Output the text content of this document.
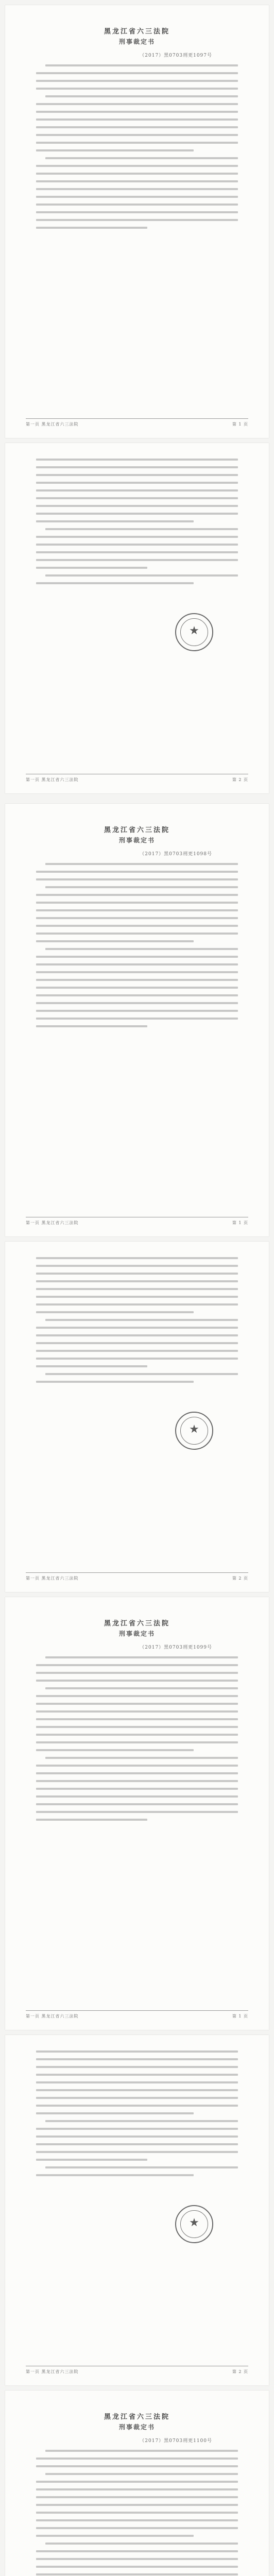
黑龙江省六三法院
刑事裁定书
（2017）黑0703刑更1097号
第一页 黑龙江省六三法院	第 1 页
★

第一页 黑龙江省六三法院	第 2 页
黑龙江省六三法院
刑事裁定书
（2017）黑0703刑更1098号
第一页 黑龙江省六三法院	第 1 页
★
第一页 黑龙江省六三法院	第 2 页
黑龙江省六三法院
刑事裁定书
（2017）黑0703刑更1099号
第一页 黑龙江省六三法院	第 1 页
★
第一页 黑龙江省六三法院	第 2 页
黑龙江省六三法院
刑事裁定书
（2017）黑0703刑更1100号
